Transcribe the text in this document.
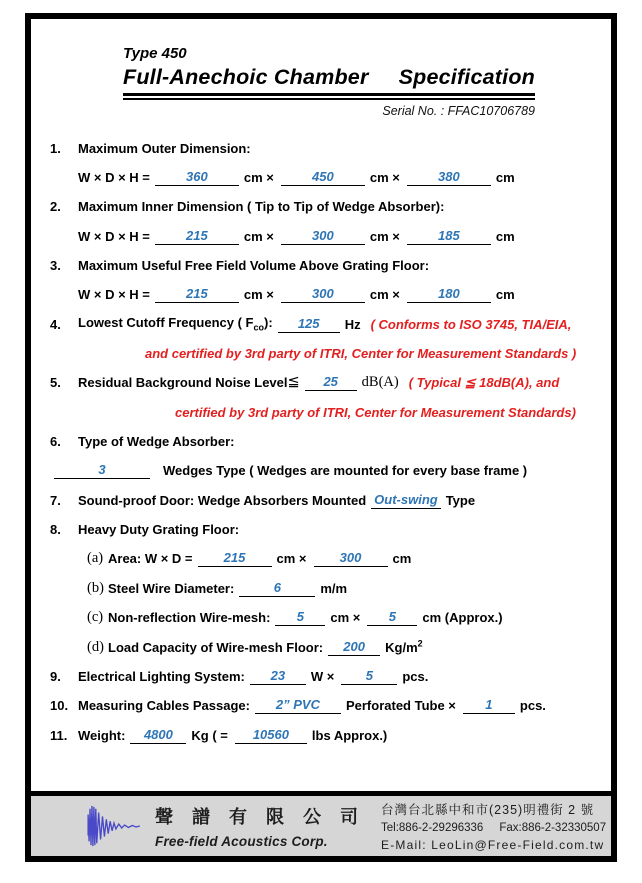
Type 450
Full-Anechoic Chamber Specification
Serial No. : FFAC10706789
1.	Maximum Outer Dimension:
W × D × H =	360	cm ×	450	cm ×	380	cm
2.	Maximum Inner Dimension ( Tip to Tip of Wedge Absorber):
W × D × H =	215	cm ×	300	cm ×	185	cm
3.	Maximum Useful Free Field Volume Above Grating Floor:
W × D × H =	215	cm ×	300	cm ×	180	cm
4.	Lowest Cutoff Frequency ( $F_{co}$):	125	Hz ( Conforms to ISO 3745, TIA/EIA,
and certified by 3rd party of ITRI, Center for Measurement Standards )
5.	Residual Background Noise Level ≦	25	dB(A) ( Typical ≦ 18dB(A), and
certified by 3rd party of ITRI, Center for Measurement Standards)
6.	Type of Wedge Absorber:
3	Wedges Type ( Wedges are mounted for every base frame )
7.	Sound-proof Door: Wedge Absorbers Mounted Out-swing Type
8.	Heavy Duty Grating Floor:
(a) Area: W × D =	215	cm ×	300	cm
(b) Steel Wire Diameter:	6	m/m
(c) Non-reflection Wire-mesh:	5	cm ×	5	cm (Approx.)
(d) Load Capacity of Wire-mesh Floor:	200	$Kg/m^2$
9.	Electrical Lighting System:	23	W ×	5	pcs.
10. Measuring Cables Passage:	2” PVC	Perforated Tube ×	1	pcs.
11. Weight:	4800	Kg ( =	10560	lbs Approx.)
聲 譜 有 限 公 司
Free-field Acoustics Corp.
台灣台北縣中和市(235)明禮街 2 號
Tel:886-2-29296336 Fax:886-2-32330507
E-Mail: LeoLin@Free-Field.com.tw
